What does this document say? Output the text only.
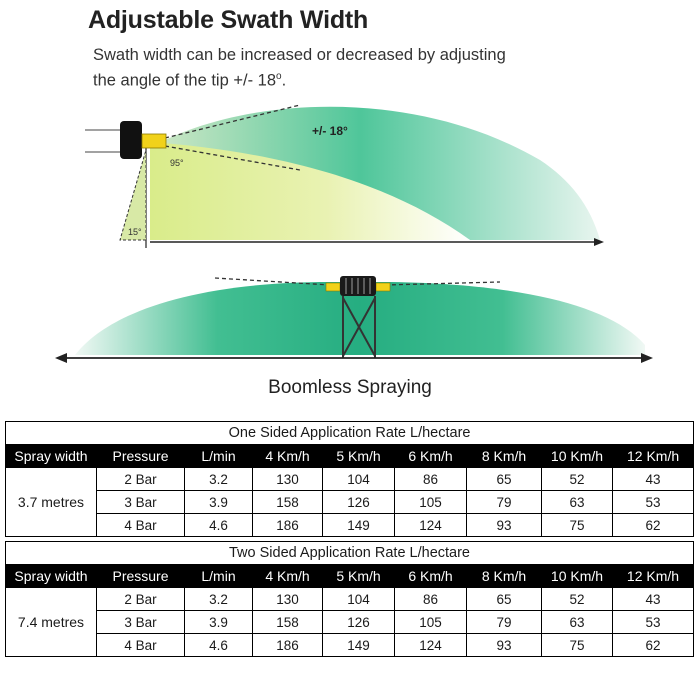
Adjustable Swath Width
Swath width can be increased or decreased by adjusting
the angle of the tip +/- $18^o$.
+/- 18°
95°
15°
Boomless Spraying
One Sided Application Rate L/hectare								
Spray width	Pressure	L/min	4 Km/h	5 Km/h	6 Km/h	8 Km/h	10 Km/h	12 Km/h
3.7 metres	2 Bar	3.2	130	104	86	65	52	43
	3 Bar	3.9	158	126	105	79	63	53
	4 Bar	4.6	186	149	124	93	75	62
Two Sided Application Rate L/hectare								
Spray width	Pressure	L/min	4 Km/h	5 Km/h	6 Km/h	8 Km/h	10 Km/h	12 Km/h
7.4 metres	2 Bar	3.2	130	104	86	65	52	43
	3 Bar	3.9	158	126	105	79	63	53
	4 Bar	4.6	186	149	124	93	75	62
